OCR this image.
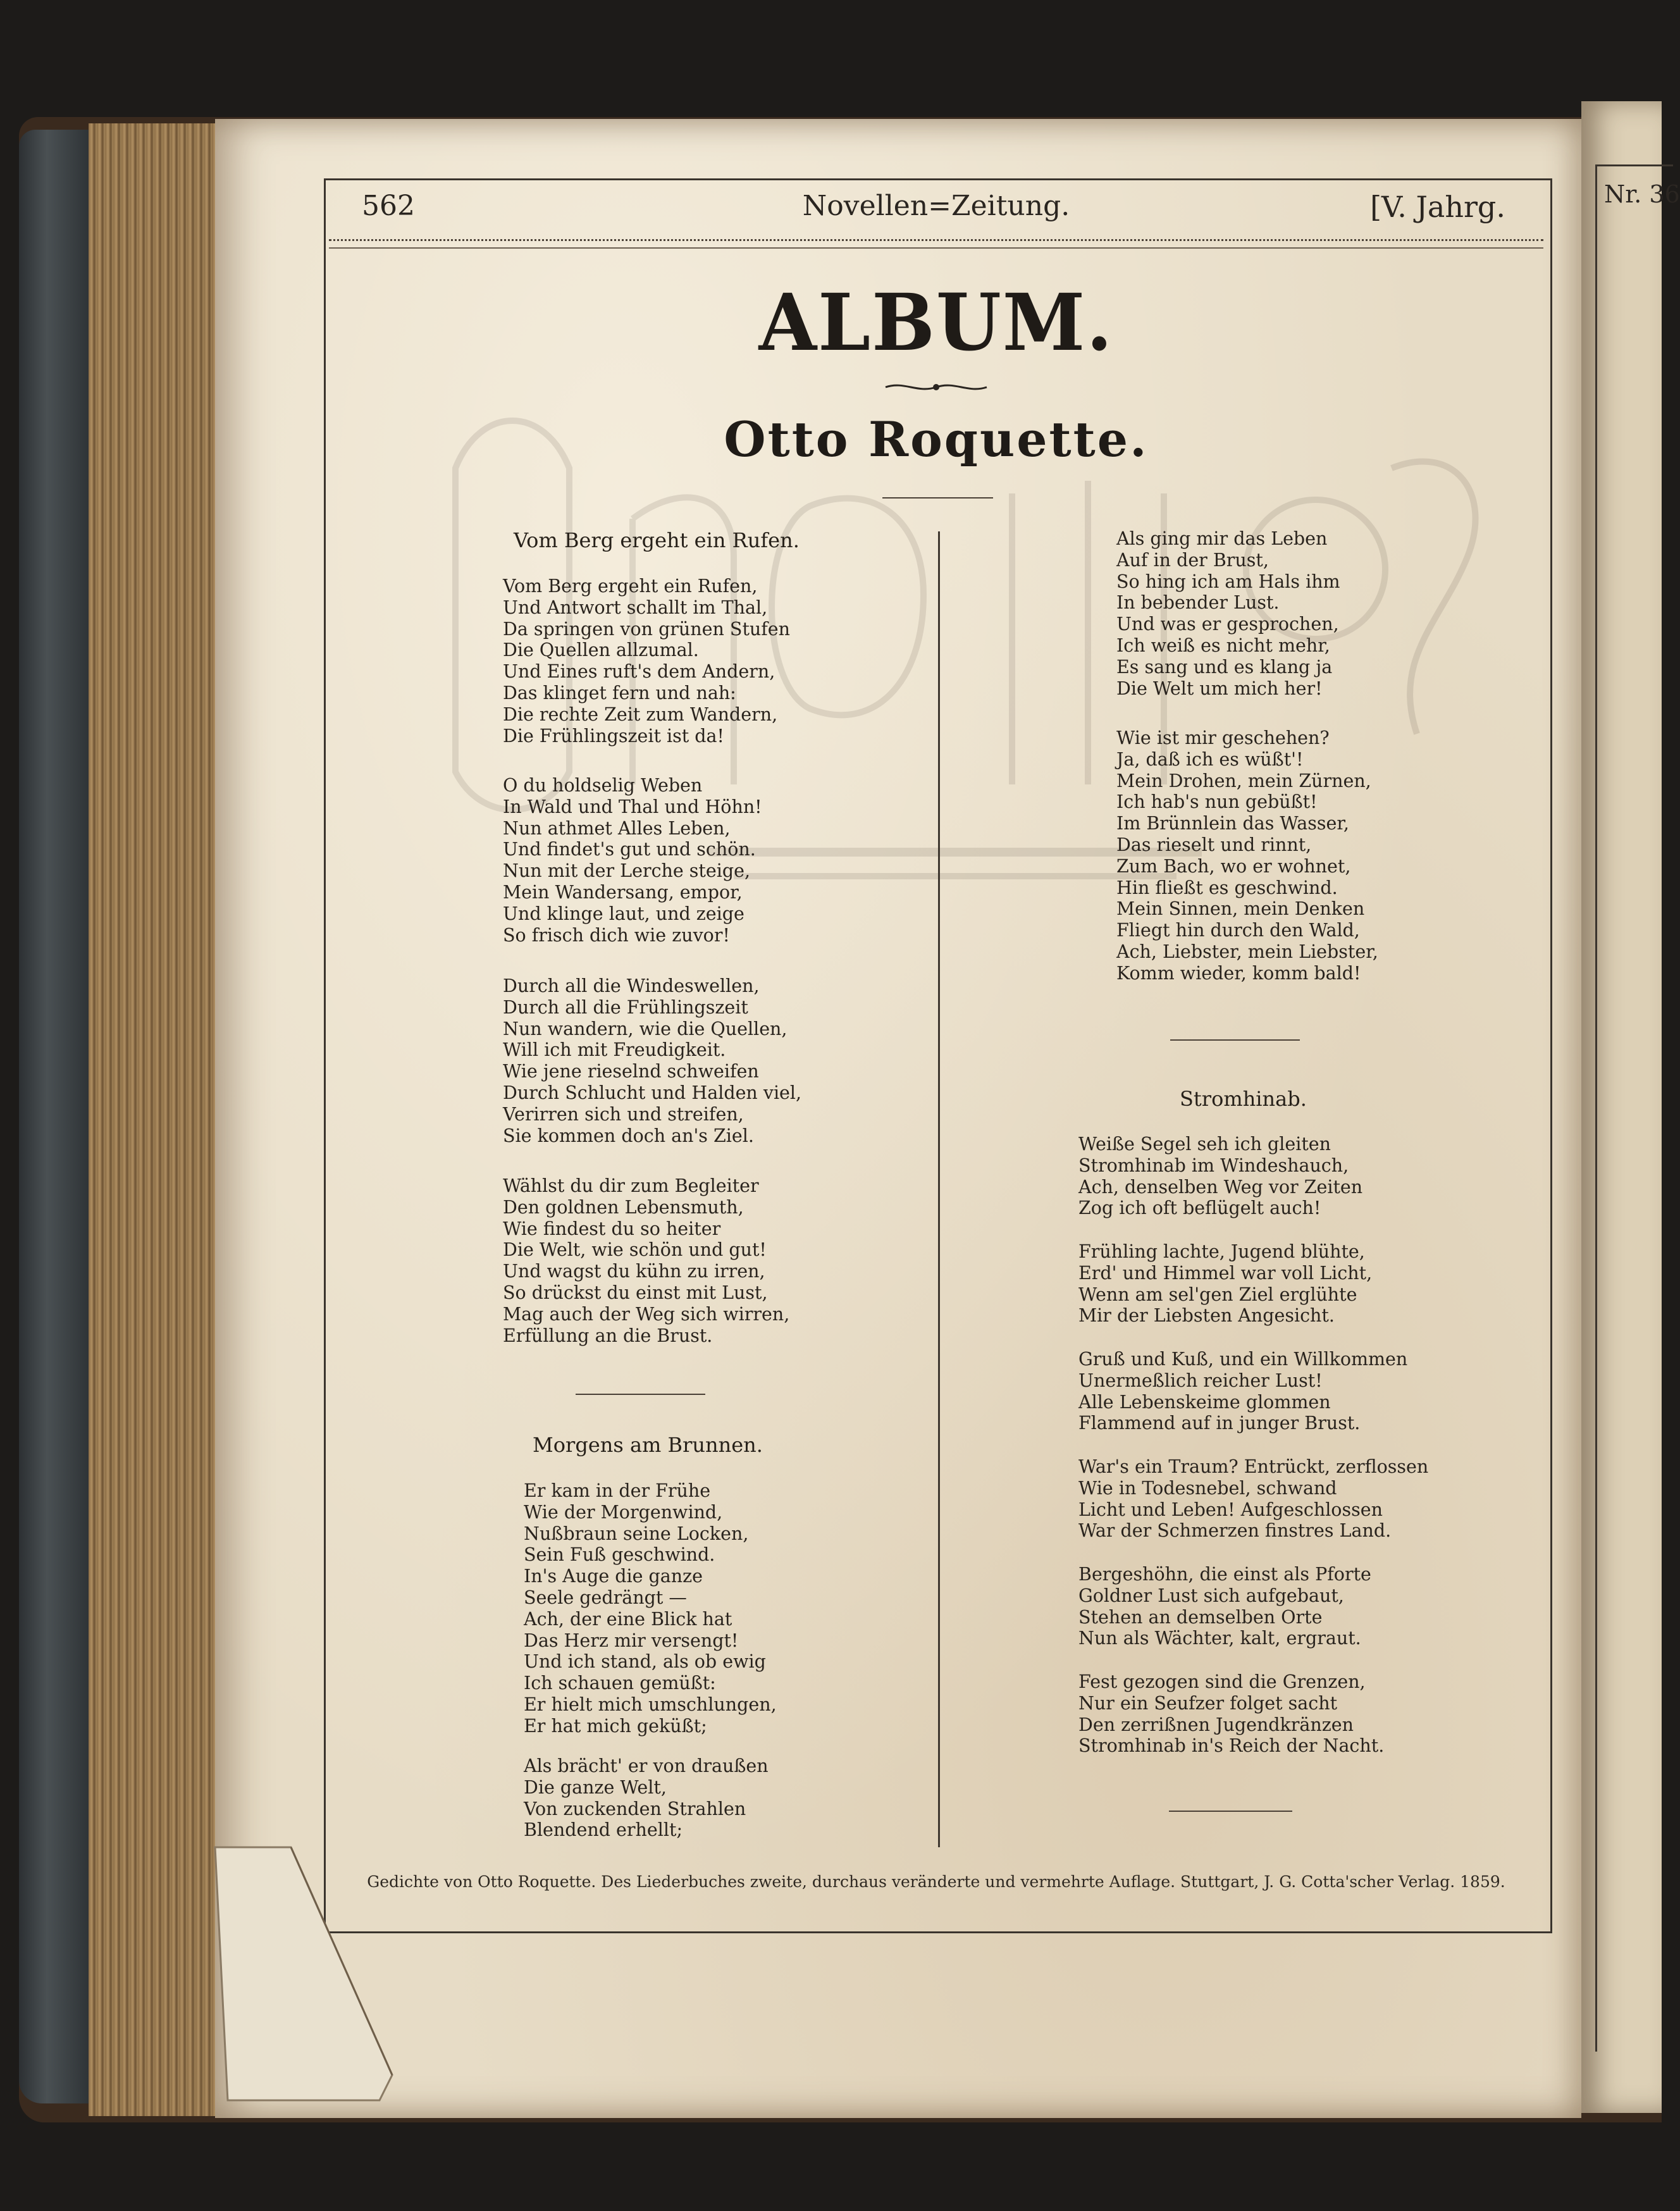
Nr. 36
562	Novellen=Zeitung.	[V. Jahrg.
ALBUM.
Otto Roquette.
Vom Berg ergeht ein Rufen.
Vom Berg ergeht ein Rufen,
Und Antwort schallt im Thal,
Da springen von grünen Stufen
Die Quellen allzumal.
Und Eines ruft's dem Andern,
Das klinget fern und nah:
Die rechte Zeit zum Wandern,
Die Frühlingszeit ist da!
O du holdselig Weben
In Wald und Thal und Höhn!
Nun athmet Alles Leben,
Und findet's gut und schön.
Nun mit der Lerche steige,
Mein Wandersang, empor,
Und klinge laut, und zeige
So frisch dich wie zuvor!
Durch all die Windeswellen,
Durch all die Frühlingszeit
Nun wandern, wie die Quellen,
Will ich mit Freudigkeit.
Wie jene rieselnd schweifen
Durch Schlucht und Halden viel,
Verirren sich und streifen,
Sie kommen doch an's Ziel.
Wählst du dir zum Begleiter
Den goldnen Lebensmuth,
Wie findest du so heiter
Die Welt, wie schön und gut!
Und wagst du kühn zu irren,
So drückst du einst mit Lust,
Mag auch der Weg sich wirren,
Erfüllung an die Brust.
Morgens am Brunnen.
Er kam in der Frühe
Wie der Morgenwind,
Nußbraun seine Locken,
Sein Fuß geschwind.
In's Auge die ganze
Seele gedrängt —
Ach, der eine Blick hat
Das Herz mir versengt!
Und ich stand, als ob ewig
Ich schauen gemüßt:
Er hielt mich umschlungen,
Er hat mich geküßt;
Als brächt' er von draußen
Die ganze Welt,
Von zuckenden Strahlen
Blendend erhellt;
Als ging mir das Leben
Auf in der Brust,
So hing ich am Hals ihm
In bebender Lust.
Und was er gesprochen,
Ich weiß es nicht mehr,
Es sang und es klang ja
Die Welt um mich her!
Wie ist mir geschehen?
Ja, daß ich es wüßt'!
Mein Drohen, mein Zürnen,
Ich hab's nun gebüßt!
Im Brünnlein das Wasser,
Das rieselt und rinnt,
Zum Bach, wo er wohnet,
Hin fließt es geschwind.
Mein Sinnen, mein Denken
Fliegt hin durch den Wald,
Ach, Liebster, mein Liebster,
Komm wieder, komm bald!
Stromhinab.
Weiße Segel seh ich gleiten
Stromhinab im Windeshauch,
Ach, denselben Weg vor Zeiten
Zog ich oft beflügelt auch!
Frühling lachte, Jugend blühte,
Erd' und Himmel war voll Licht,
Wenn am sel'gen Ziel erglühte
Mir der Liebsten Angesicht.
Gruß und Kuß, und ein Willkommen
Unermeßlich reicher Lust!
Alle Lebenskeime glommen
Flammend auf in junger Brust.
War's ein Traum? Entrückt, zerflossen
Wie in Todesnebel, schwand
Licht und Leben! Aufgeschlossen
War der Schmerzen finstres Land.
Bergeshöhn, die einst als Pforte
Goldner Lust sich aufgebaut,
Stehen an demselben Orte
Nun als Wächter, kalt, ergraut.
Fest gezogen sind die Grenzen,
Nur ein Seufzer folget sacht
Den zerrißnen Jugendkränzen
Stromhinab in's Reich der Nacht.
Gedichte von Otto Roquette. Des Liederbuches zweite, durchaus veränderte und vermehrte Auflage. Stuttgart, J. G. Cotta'scher Verlag. 1859.
